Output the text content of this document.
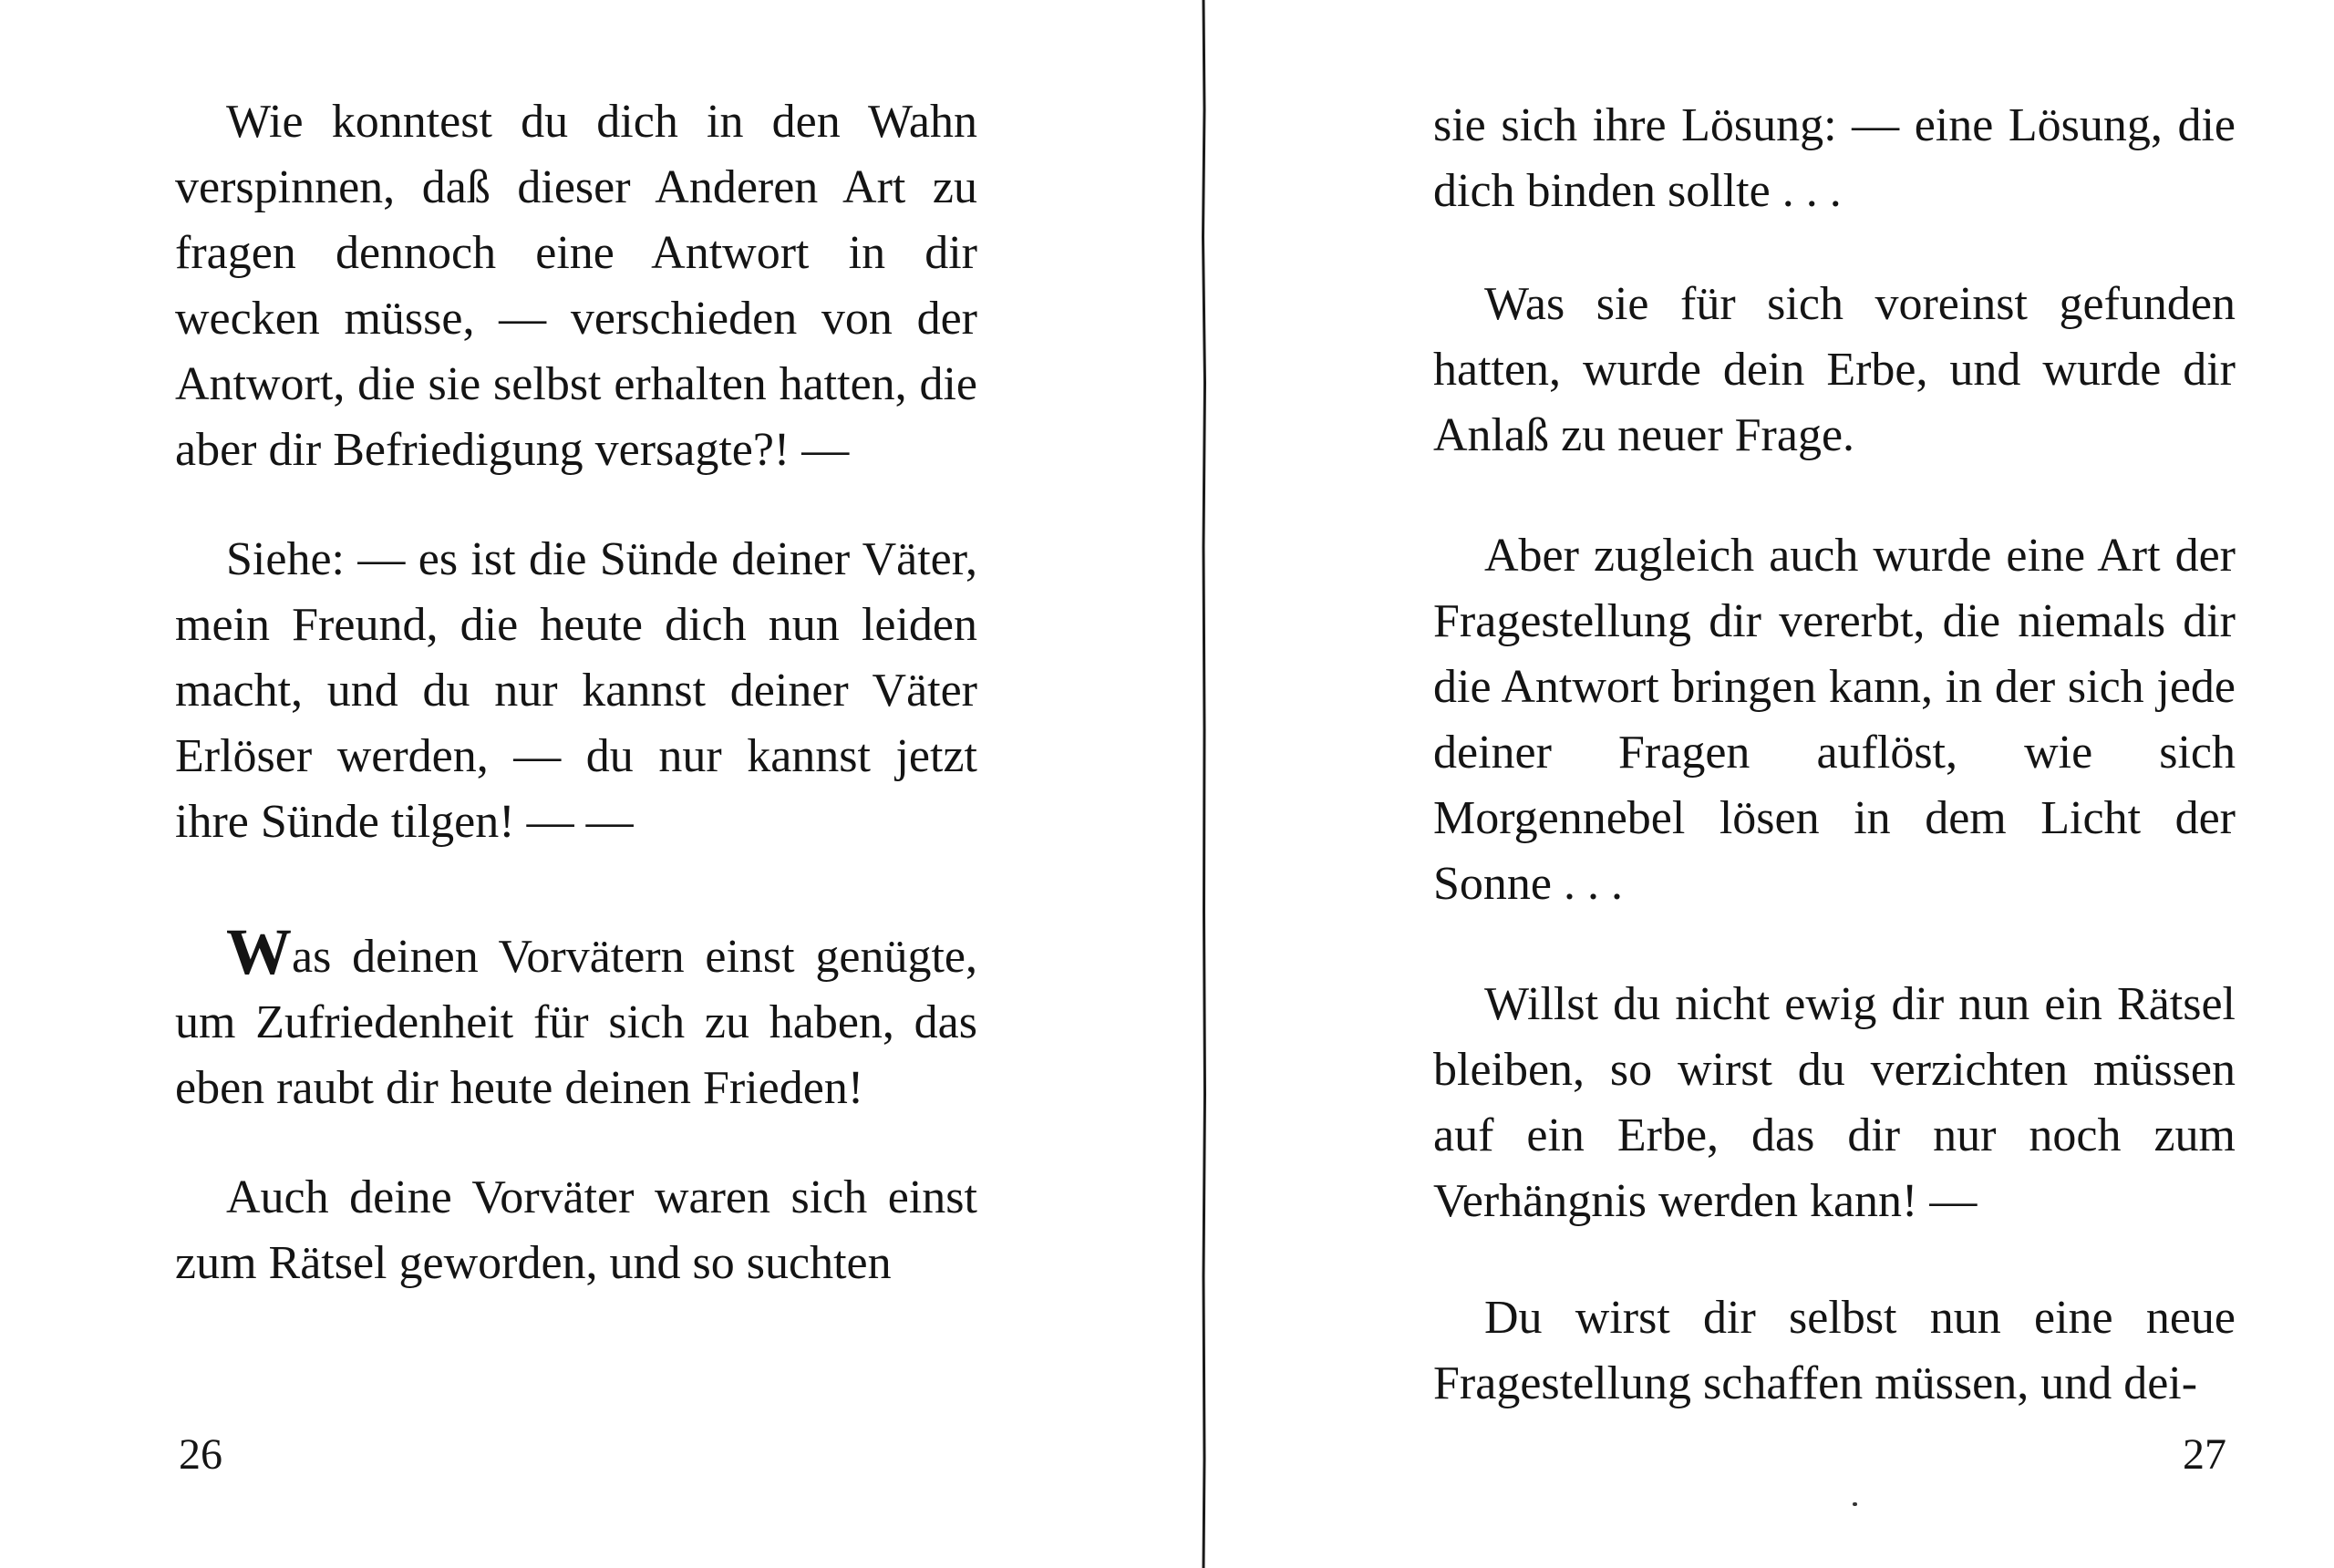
Wie konntest du dich in den Wahn verspinnen, daß dieser Anderen Art zu fragen dennoch eine Antwort in dir wecken müsse, — verschieden von der Antwort, die sie selbst erhalten hatten, die aber dir Befriedigung versagte?! —

Siehe: — es ist die Sünde deiner Väter, mein Freund, die heute dich nun leiden macht, und du nur kannst deiner Väter Erlöser werden, — du nur kannst jetzt ihre Sünde tilgen! — —

Was deinen Vorvätern einst genügte, um Zufriedenheit für sich zu haben, das eben raubt dir heute deinen Frieden!

Auch deine Vorväter waren sich einst zum Rätsel geworden, und so suchten

26

sie sich ihre Lösung: — eine Lösung, die dich binden sollte . . .

Was sie für sich voreinst gefunden hatten, wurde dein Erbe, und wurde dir Anlaß zu neuer Frage.

Aber zugleich auch wurde eine Art der Fragestellung dir vererbt, die niemals dir die Antwort bringen kann, in der sich jede deiner Fragen auflöst, wie sich Morgennebel lösen in dem Licht der Sonne . . .

Willst du nicht ewig dir nun ein Rätsel bleiben, so wirst du verzichten müssen auf ein Erbe, das dir nur noch zum Verhängnis werden kann! —

Du wirst dir selbst nun eine neue Fragestellung schaffen müssen, und dei-

27
